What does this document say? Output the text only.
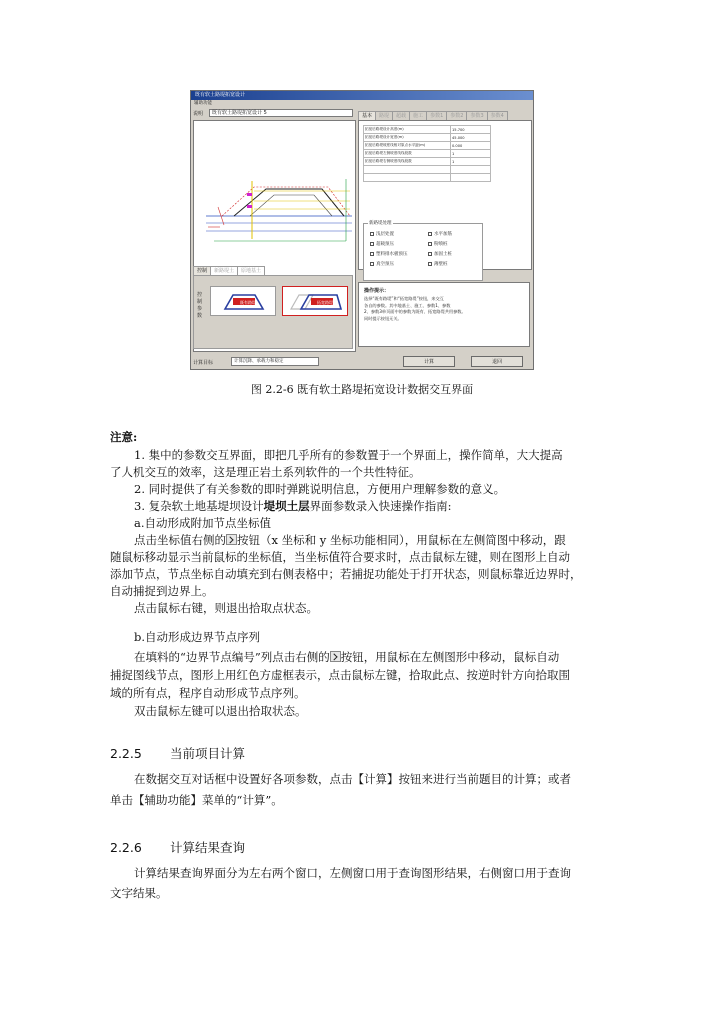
既有软土路堤拓宽设计
辅助功能
说明	既有软土路堤拓宽设计 5	基本 路堤 超载 施工 参数1 参数2 参数3 参数4
拓宽后路堤设计高度(m)	15.700
拓宽后路堤设计宽度(m)	45.000
拓宽后路堤坡度线相对原点水平距(m)	0.000
拓宽后路堤左侧坡度线线段数	1
拓宽后路堤右侧坡度线线段数	1

新路堤处理
浅层处置	水平加筋
超载预压	粉喷桩
塑料排水板预压	加固土桩
真空预压	薄壁桩
控制 新路堤土 原地基土
控制参数
既有路堤	拓宽路堤
操作提示：
选择“既有路堤”和“拓宽路堤”按钮，来交互
各自的参数。其中地基土、施工、参数1、参数
2、参数3单页面中的参数为既有、拓宽路堤共用参数。
同时提示按钮无关。
计算目标	计算沉降、承载力和稳定	计算	退回
图 2.2-6 既有软土路堤拓宽设计数据交互界面
注意:
1. 集中的参数交互界面，即把几乎所有的参数置于一个界面上，操作简单，大大提高
了人机交互的效率，这是理正岩土系列软件的一个共性特征。
2. 同时提供了有关参数的即时弹跳说明信息，方便用户理解参数的意义。
3. 复杂软土地基堤坝设计堤坝土层界面参数录入快速操作指南:
a.自动形成附加节点坐标值
点击坐标值右侧的 按钮（x 坐标和 y 坐标功能相同），用鼠标在左侧简图中移动，跟
随鼠标移动显示当前鼠标的坐标值，当坐标值符合要求时，点击鼠标左键，则在图形上自动
添加节点，节点坐标自动填充到右侧表格中；若捕捉功能处于打开状态，则鼠标靠近边界时，
自动捕捉到边界上。
点击鼠标右键，则退出拾取点状态。
b.自动形成边界节点序列
在填料的“边界节点编号”列点击右侧的 按钮，用鼠标在左侧图形中移动，鼠标自动
捕捉图线节点，图形上用红色方虚框表示，点击鼠标左键，拾取此点、按逆时针方向拾取围
域的所有点，程序自动形成节点序列。
双击鼠标左键可以退出拾取状态。
2.2.5 当前项目计算
在数据交互对话框中设置好各项参数，点击【计算】按钮来进行当前题目的计算；或者
单击【辅助功能】菜单的“计算”。
2.2.6 计算结果查询
计算结果查询界面分为左右两个窗口，左侧窗口用于查询图形结果，右侧窗口用于查询
文字结果。
